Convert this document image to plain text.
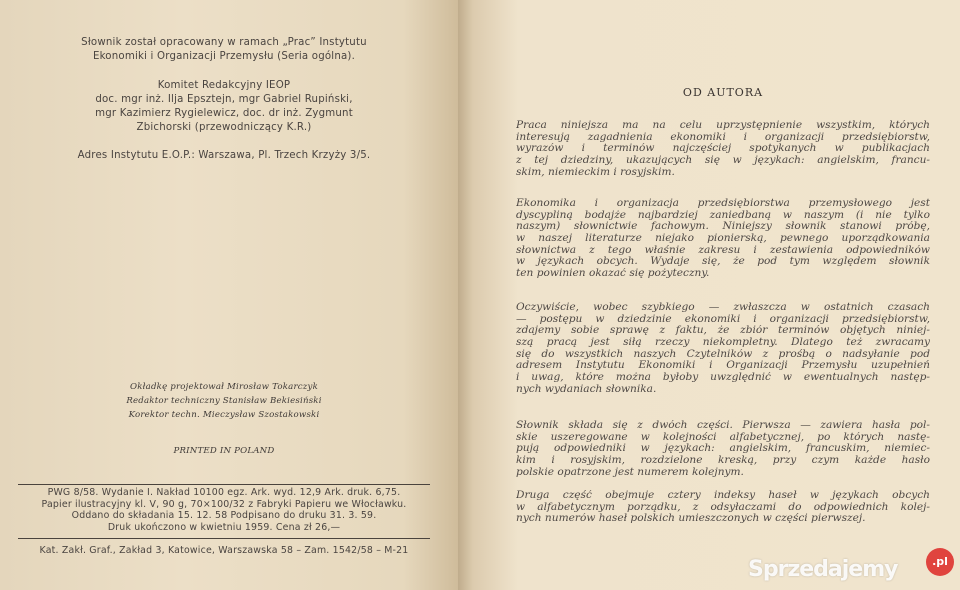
Słownik został opracowany w ramach „Prac” Instytutu
Ekonomiki i Organizacji Przemysłu (Seria ogólna).
Komitet Redakcyjny IEOP
doc. mgr inż. Ilja Epsztejn, mgr Gabriel Rupiński,
mgr Kazimierz Rygielewicz, doc. dr inż. Zygmunt
Zbichorski (przewodniczący K.R.)
Adres Instytutu E.O.P.: Warszawa, Pl. Trzech Krzyży 3/5.
Okładkę projektował Mirosław Tokarczyk
Redaktor techniczny Stanisław Bekiesiński
Korektor techn. Mieczysław Szostakowski
PRINTED IN POLAND
PWG 8/58. Wydanie I. Nakład 10100 egz. Ark. wyd. 12,9 Ark. druk. 6,75.
Papier ilustracyjny kl. V, 90 g, 70×100/32 z Fabryki Papieru we Włocławku.
Oddano do składania 15. 12. 58 Podpisano do druku 31. 3. 59.
Druk ukończono w kwietniu 1959. Cena zł 26,—
Kat. Zakł. Graf., Zakład 3, Katowice, Warszawska 58 – Zam. 1542/58 – M-21
OD AUTORA
Praca niniejsza ma na celu uprzystępnienie wszystkim, których
interesują zagadnienia ekonomiki i organizacji przedsiębiorstw,
wyrazów i terminów najczęściej spotykanych w publikacjach
z tej dziedziny, ukazujących się w językach: angielskim, francu-
skim, niemieckim i rosyjskim.
Ekonomika i organizacja przedsiębiorstwa przemysłowego jest
dyscypliną bodajże najbardziej zaniedbaną w naszym (i nie tylko
naszym) słownictwie fachowym. Niniejszy słownik stanowi próbę,
w naszej literaturze niejako pionierską, pewnego uporządkowania
słownictwa z tego właśnie zakresu i zestawienia odpowiedników
w językach obcych. Wydaje się, że pod tym względem słownik
ten powinien okazać się pożyteczny.
Oczywiście, wobec szybkiego — zwłaszcza w ostatnich czasach
— postępu w dziedzinie ekonomiki i organizacji przedsiębiorstw,
zdajemy sobie sprawę z faktu, że zbiór terminów objętych niniej-
szą pracą jest siłą rzeczy niekompletny. Dlatego też zwracamy
się do wszystkich naszych Czytelników z prośbą o nadsyłanie pod
adresem Instytutu Ekonomiki i Organizacji Przemysłu uzupełnień
i uwag, które można byłoby uwzględnić w ewentualnych następ-
nych wydaniach słownika.
Słownik składa się z dwóch części. Pierwsza — zawiera hasła pol-
skie uszeregowane w kolejności alfabetycznej, po których nastę-
pują odpowiedniki w językach: angielskim, francuskim, niemiec-
kim i rosyjskim, rozdzielone kreską, przy czym każde hasło
polskie opatrzone jest numerem kolejnym.
Druga część obejmuje cztery indeksy haseł w językach obcych
w alfabetycznym porządku, z odsyłaczami do odpowiednich kolej-
nych numerów haseł polskich umieszczonych w części pierwszej.
Sprzedajemy	.pl
